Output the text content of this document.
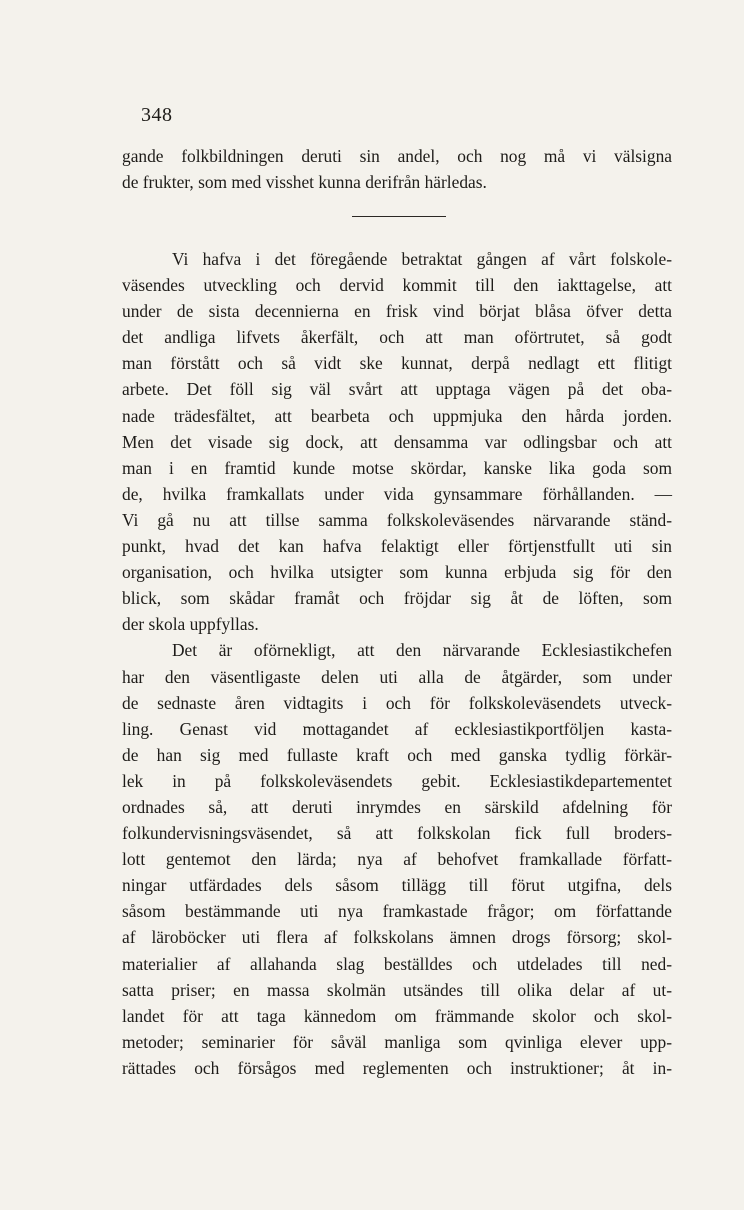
348
gande folkbildningen deruti sin andel, och nog må vi välsigna
de frukter, som med visshet kunna derifrån härledas.
Vi hafva i det föregående betraktat gången af vårt folskole-
väsendes utveckling och dervid kommit till den iakttagelse, att
under de sista decennierna en frisk vind börjat blåsa öfver detta
det andliga lifvets åkerfält, och att man oförtrutet, så godt
man förstått och så vidt ske kunnat, derpå nedlagt ett flitigt
arbete. Det föll sig väl svårt att upptaga vägen på det oba-
nade trädesfältet, att bearbeta och uppmjuka den hårda jorden.
Men det visade sig dock, att densamma var odlingsbar och att
man i en framtid kunde motse skördar, kanske lika goda som
de, hvilka framkallats under vida gynsammare förhållanden. —
Vi gå nu att tillse samma folkskoleväsendes närvarande ständ-
punkt, hvad det kan hafva felaktigt eller förtjenstfullt uti sin
organisation, och hvilka utsigter som kunna erbjuda sig för den
blick, som skådar framåt och fröjdar sig åt de löften, som
der skola uppfyllas.
Det är oförnekligt, att den närvarande Ecklesiastikchefen
har den väsentligaste delen uti alla de åtgärder, som under
de sednaste åren vidtagits i och för folkskoleväsendets utveck-
ling. Genast vid mottagandet af ecklesiastikportföljen kasta-
de han sig med fullaste kraft och med ganska tydlig förkär-
lek in på folkskoleväsendets gebit. Ecklesiastikdepartementet
ordnades så, att deruti inrymdes en särskild afdelning för
folkundervisningsväsendet, så att folkskolan fick full broders-
lott gentemot den lärda; nya af behofvet framkallade författ-
ningar utfärdades dels såsom tillägg till förut utgifna, dels
såsom bestämmande uti nya framkastade frågor; om författande
af läroböcker uti flera af folkskolans ämnen drogs försorg; skol-
materialier af allahanda slag beställdes och utdelades till ned-
satta priser; en massa skolmän utsändes till olika delar af ut-
landet för att taga kännedom om främmande skolor och skol-
metoder; seminarier för såväl manliga som qvinliga elever upp-
rättades och försågos med reglementen och instruktioner; åt in-
